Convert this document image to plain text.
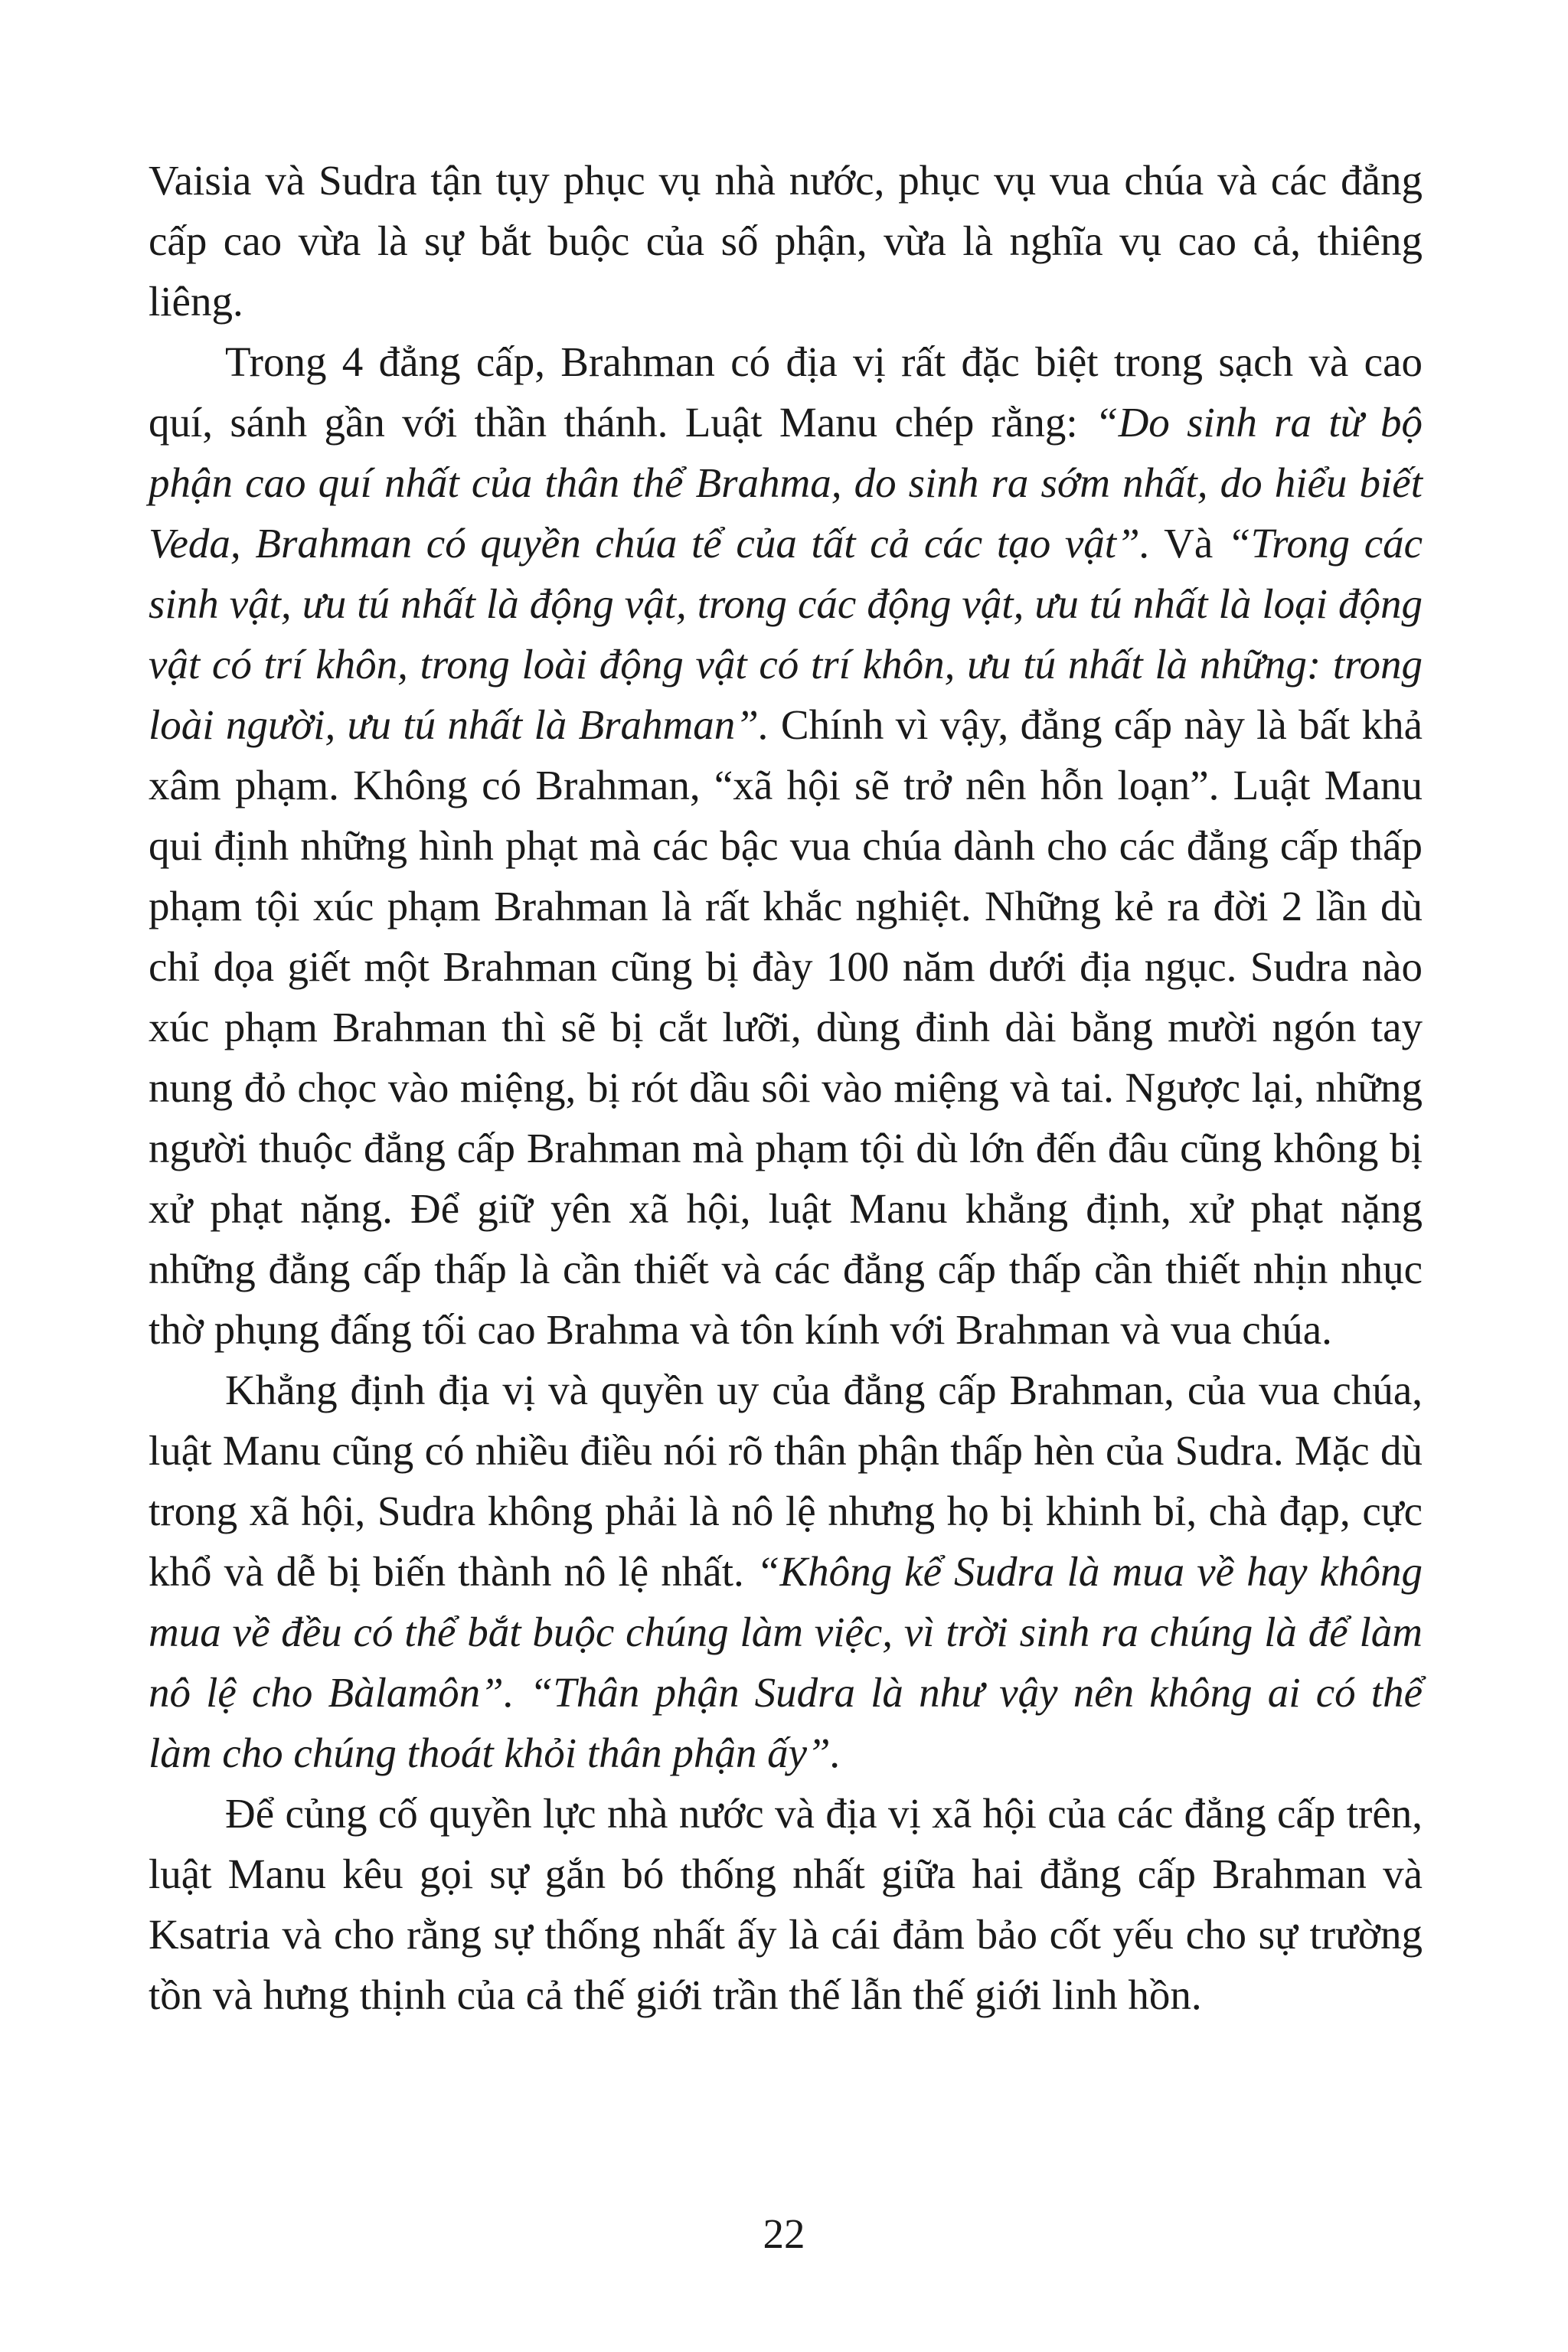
Vaisia và Sudra tận tụy phục vụ nhà nước, phục vụ vua chúa và các đẳng cấp cao vừa là sự bắt buộc của số phận, vừa là nghĩa vụ cao cả, thiêng liêng.

Trong 4 đẳng cấp, Brahman có địa vị rất đặc biệt trong sạch và cao quí, sánh gần với thần thánh. Luật Manu chép rằng: “Do sinh ra từ bộ phận cao quí nhất của thân thể Brahma, do sinh ra sớm nhất, do hiểu biết Veda, Brahman có quyền chúa tể của tất cả các tạo vật”. Và “Trong các sinh vật, ưu tú nhất là động vật, trong các động vật, ưu tú nhất là loại động vật có trí khôn, trong loài động vật có trí khôn, ưu tú nhất là những: trong loài người, ưu tú nhất là Brahman”. Chính vì vậy, đẳng cấp này là bất khả xâm phạm. Không có Brahman, “xã hội sẽ trở nên hỗn loạn”. Luật Manu qui định những hình phạt mà các bậc vua chúa dành cho các đẳng cấp thấp phạm tội xúc phạm Brahman là rất khắc nghiệt. Những kẻ ra đời 2 lần dù chỉ dọa giết một Brahman cũng bị đày 100 năm dưới địa ngục. Sudra nào xúc phạm Brahman thì sẽ bị cắt lưỡi, dùng đinh dài bằng mười ngón tay nung đỏ chọc vào miệng, bị rót dầu sôi vào miệng và tai. Ngược lại, những người thuộc đẳng cấp Brahman mà phạm tội dù lớn đến đâu cũng không bị xử phạt nặng. Để giữ yên xã hội, luật Manu khẳng định, xử phạt nặng những đẳng cấp thấp là cần thiết và các đẳng cấp thấp cần thiết nhịn nhục thờ phụng đấng tối cao Brahma và tôn kính với Brahman và vua chúa.

Khẳng định địa vị và quyền uy của đẳng cấp Brahman, của vua chúa, luật Manu cũng có nhiều điều nói rõ thân phận thấp hèn của Sudra. Mặc dù trong xã hội, Sudra không phải là nô lệ nhưng họ bị khinh bỉ, chà đạp, cực khổ và dễ bị biến thành nô lệ nhất. “Không kể Sudra là mua về hay không mua về đều có thể bắt buộc chúng làm việc, vì trời sinh ra chúng là để làm nô lệ cho Bàlamôn”. “Thân phận Sudra là như vậy nên không ai có thể làm cho chúng thoát khỏi thân phận ấy”.

Để củng cố quyền lực nhà nước và địa vị xã hội của các đẳng cấp trên, luật Manu kêu gọi sự gắn bó thống nhất giữa hai đẳng cấp Brahman và Ksatria và cho rằng sự thống nhất ấy là cái đảm bảo cốt yếu cho sự trường tồn và hưng thịnh của cả thế giới trần thế lẫn thế giới linh hồn.

22
